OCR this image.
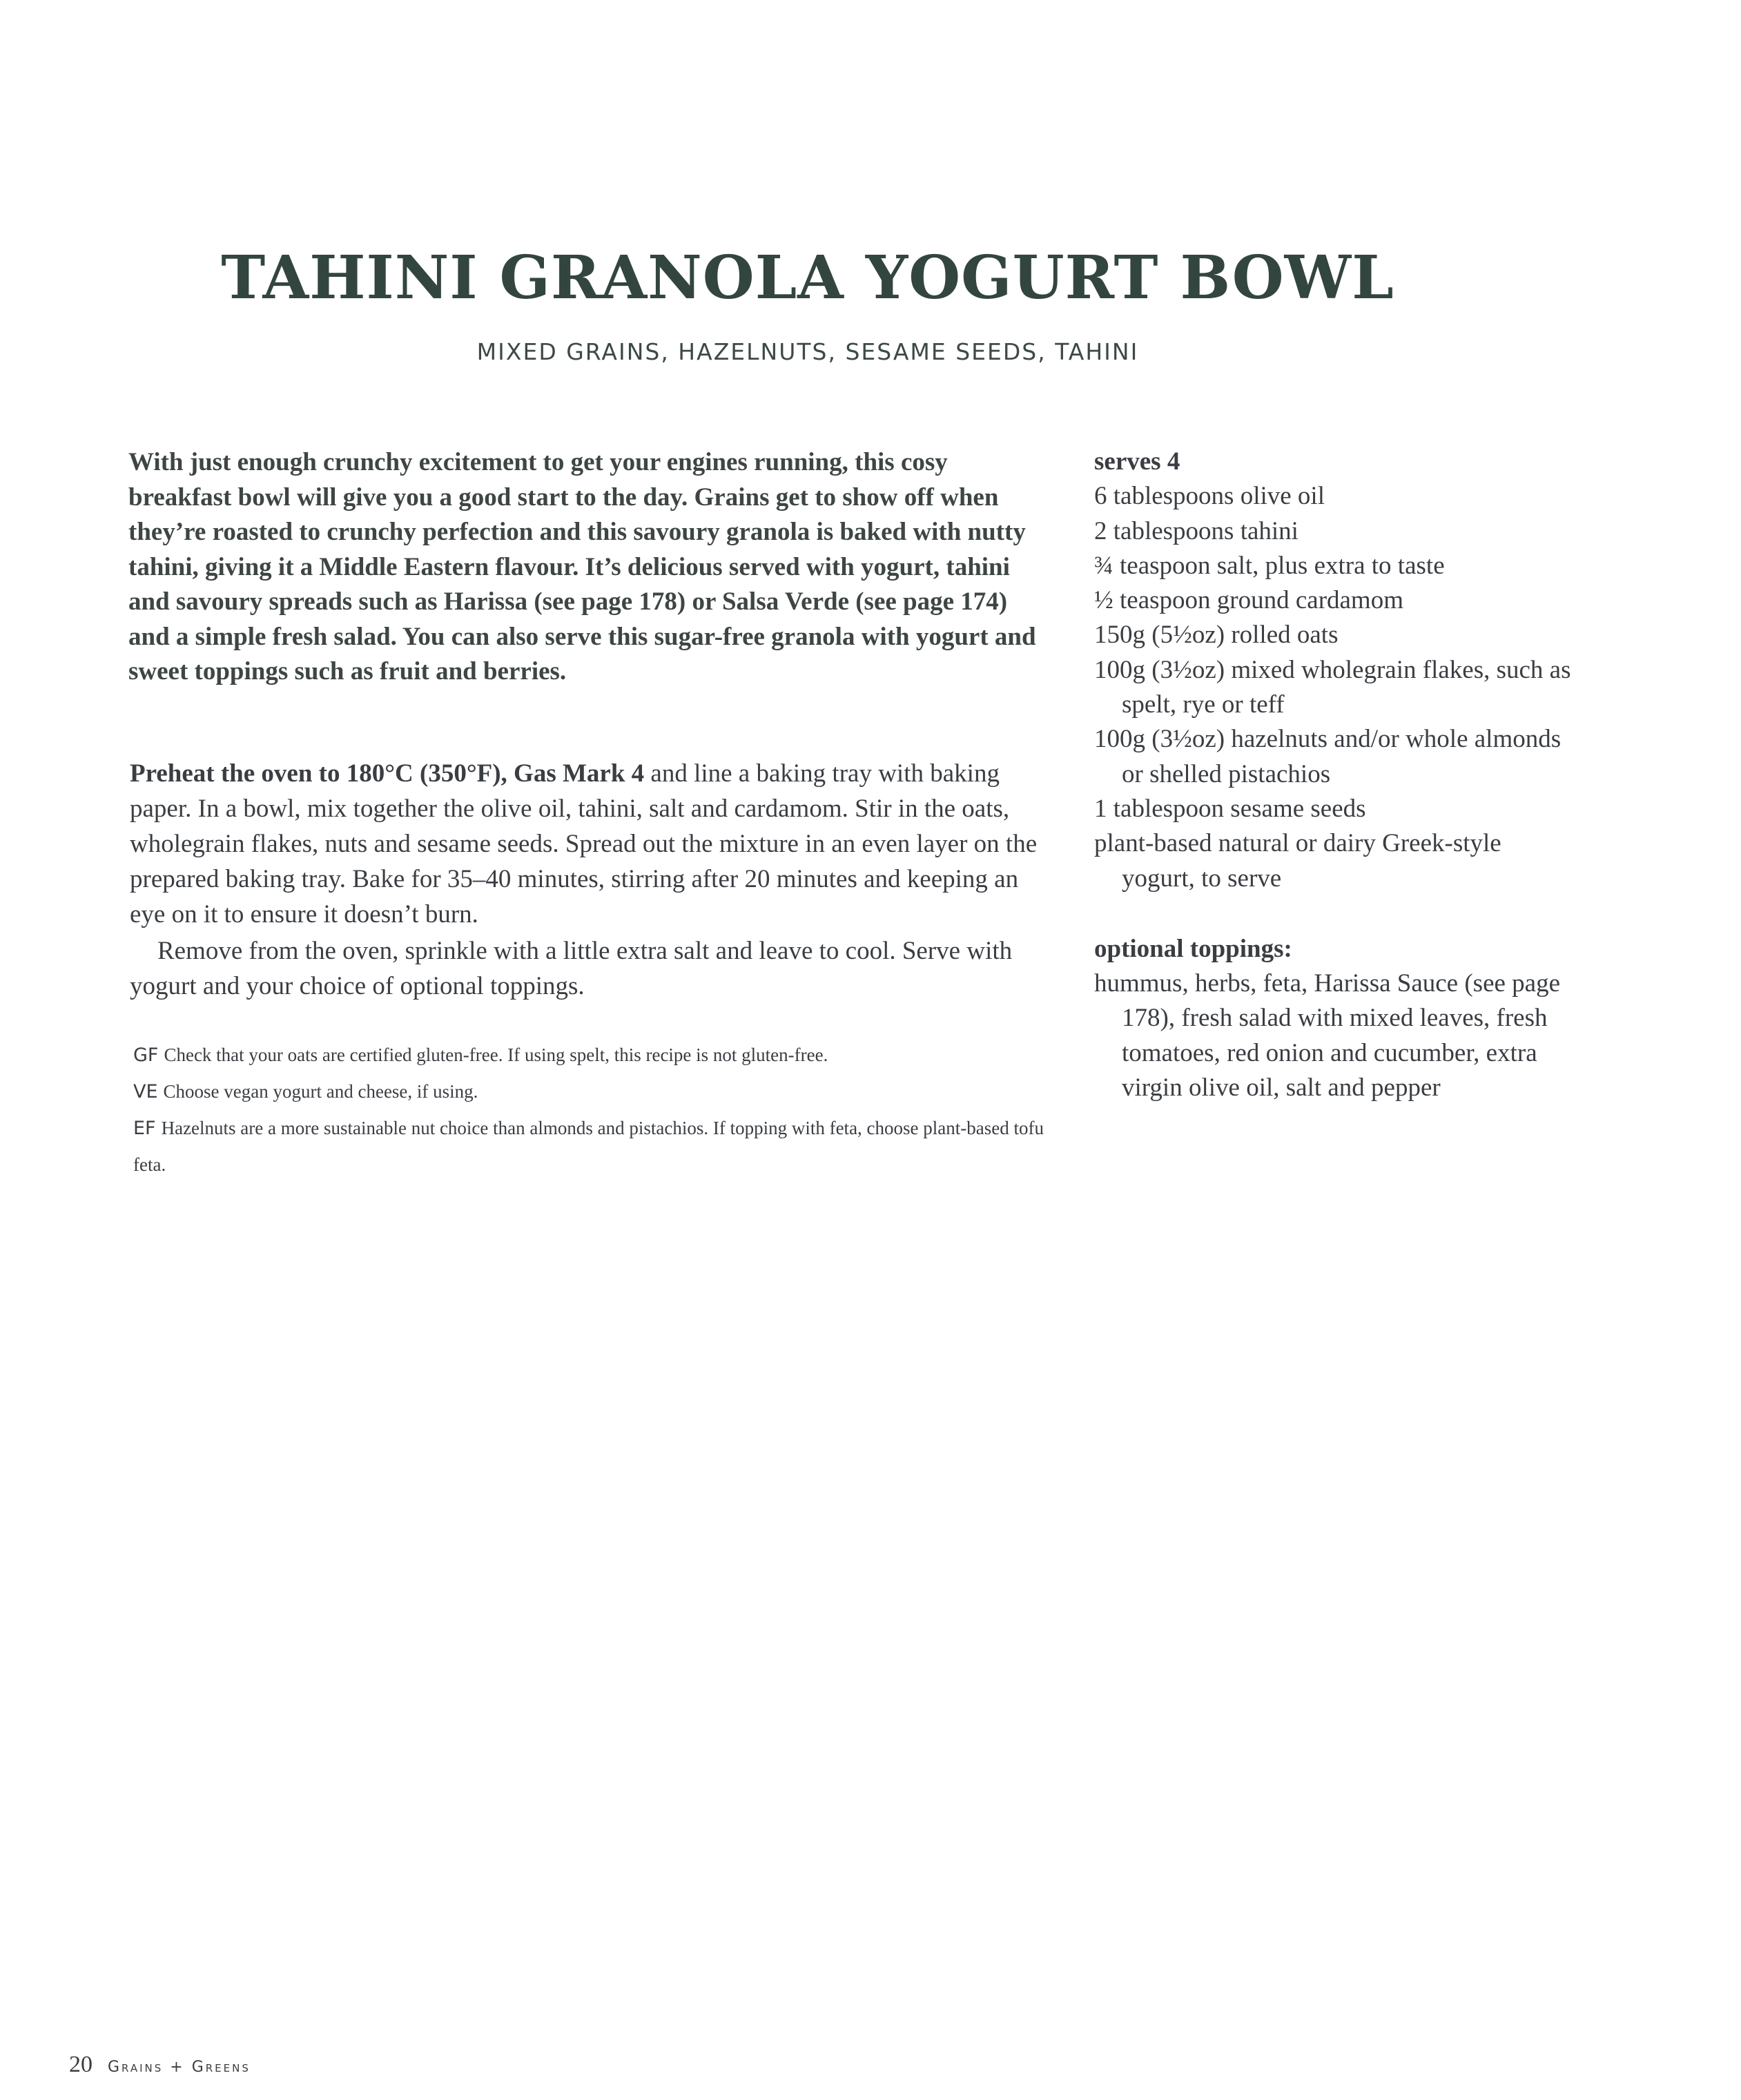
TAHINI GRANOLA YOGURT BOWL
MIXED GRAINS, HAZELNUTS, SESAME SEEDS, TAHINI

With just enough crunchy excitement to get your engines running, this cosy breakfast bowl will give you a good start to the day. Grains get to show off when they’re roasted to crunchy perfection and this savoury granola is baked with nutty tahini, giving it a Middle Eastern flavour. It’s delicious served with yogurt, tahini and savoury spreads such as Harissa (see page 178) or Salsa Verde (see page 174) and a simple fresh salad. You can also serve this sugar-free granola with yogurt and sweet toppings such as fruit and berries.

Preheat the oven to 180°C (350°F), Gas Mark 4 and line a baking tray with baking paper. In a bowl, mix together the olive oil, tahini, salt and cardamom. Stir in the oats, wholegrain flakes, nuts and sesame seeds. Spread out the mixture in an even layer on the prepared baking tray. Bake for 35–40 minutes, stirring after 20 minutes and keeping an eye on it to ensure it doesn’t burn.

Remove from the oven, sprinkle with a little extra salt and leave to cool. Serve with yogurt and your choice of optional toppings.

GF Check that your oats are certified gluten-free. If using spelt, this recipe is not gluten-free.

VE Choose vegan yogurt and cheese, if using.

EF Hazelnuts are a more sustainable nut choice than almonds and pistachios. If topping with feta, choose plant-based tofu feta.

serves 4

6 tablespoons olive oil
2 tablespoons tahini
¾ teaspoon salt, plus extra to taste
½ teaspoon ground cardamom
150g (5½oz) rolled oats
100g (3½oz) mixed wholegrain flakes, such as spelt, rye or teff
100g (3½oz) hazelnuts and/or whole almonds or shelled pistachios
1 tablespoon sesame seeds
plant-based natural or dairy Greek-style yogurt, to serve

optional toppings:

hummus, herbs, feta, Harissa Sauce (see page 178), fresh salad with mixed leaves, fresh tomatoes, red onion and cucumber, extra virgin olive oil, salt and pepper

20 Grains + Greens
